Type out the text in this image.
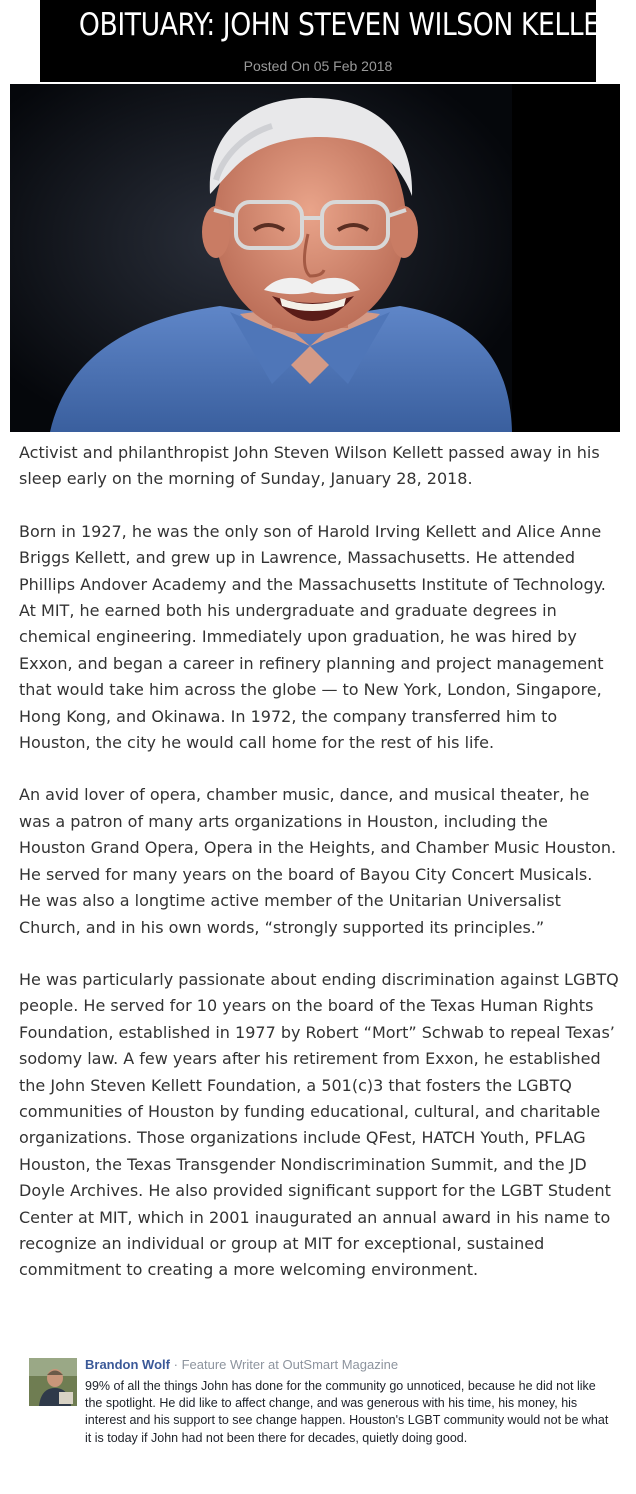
OBITUARY: JOHN STEVEN WILSON KELLETT
Posted On 05 Feb 2018

Activist and philanthropist John Steven Wilson Kellett passed away in his sleep early on the morning of Sunday, January 28, 2018.

Born in 1927, he was the only son of Harold Irving Kellett and Alice Anne Briggs Kellett, and grew up in Lawrence, Massachusetts. He attended Phillips Andover Academy and the Massachusetts Institute of Technology. At MIT, he earned both his undergraduate and graduate degrees in chemical engineering. Immediately upon graduation, he was hired by Exxon, and began a career in refinery planning and project management that would take him across the globe — to New York, London, Singapore, Hong Kong, and Okinawa. In 1972, the company transferred him to Houston, the city he would call home for the rest of his life.

An avid lover of opera, chamber music, dance, and musical theater, he was a patron of many arts organizations in Houston, including the Houston Grand Opera, Opera in the Heights, and Chamber Music Houston. He served for many years on the board of Bayou City Concert Musicals. He was also a longtime active member of the Unitarian Universalist Church, and in his own words, “strongly supported its principles.”

He was particularly passionate about ending discrimination against LGBTQ people. He served for 10 years on the board of the Texas Human Rights Foundation, established in 1977 by Robert “Mort” Schwab to repeal Texas’ sodomy law. A few years after his retirement from Exxon, he established the John Steven Kellett Foundation, a 501(c)3 that fosters the LGBTQ communities of Houston by funding educational, cultural, and charitable organizations. Those organizations include QFest, HATCH Youth, PFLAG Houston, the Texas Transgender Nondiscrimination Summit, and the JD Doyle Archives. He also provided significant support for the LGBT Student Center at MIT, which in 2001 inaugurated an annual award in his name to recognize an individual or group at MIT for exceptional, sustained commitment to creating a more welcoming environment.

Brandon Wolf · Feature Writer at OutSmart Magazine
99% of all the things John has done for the community go unnoticed, because he did not like the spotlight. He did like to affect change, and was generous with his time, his money, his interest and his support to see change happen. Houston's LGBT community would not be what it is today if John had not been there for decades, quietly doing good.
